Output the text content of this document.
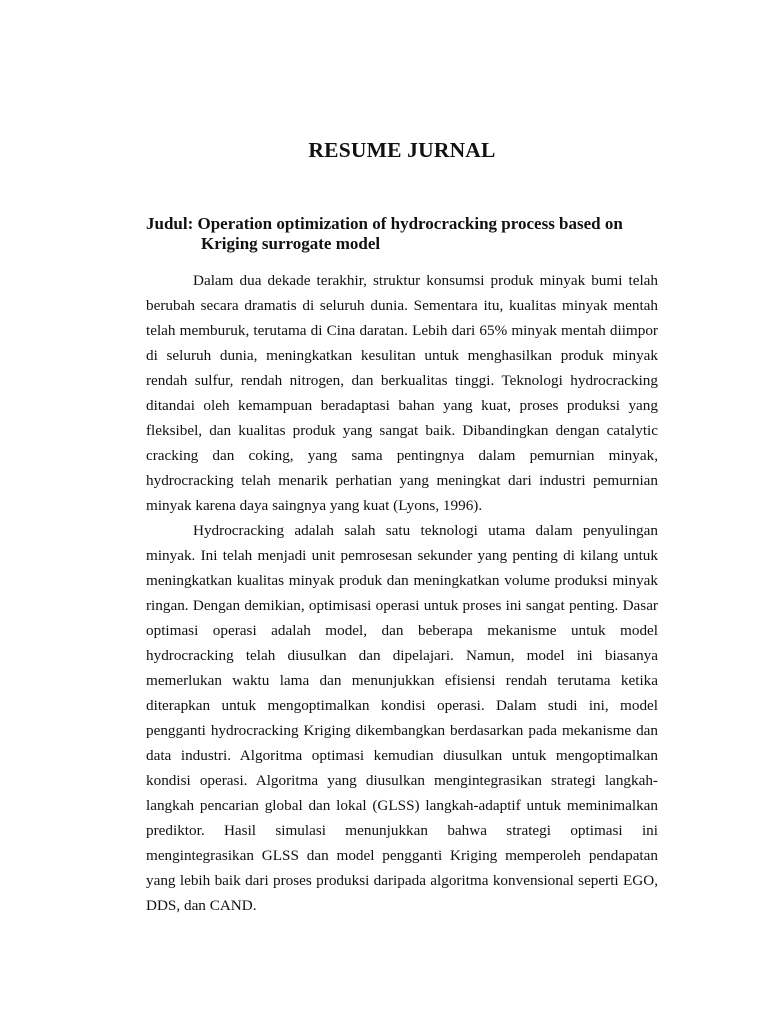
RESUME JURNAL
Judul: Operation optimization of hydrocracking process based on
Kriging surrogate model
Dalam dua dekade terakhir, struktur konsumsi produk minyak bumi telah
berubah secara dramatis di seluruh dunia. Sementara itu, kualitas minyak mentah
telah memburuk, terutama di Cina daratan. Lebih dari 65% minyak mentah diimpor
di seluruh dunia, meningkatkan kesulitan untuk menghasilkan produk minyak
rendah sulfur, rendah nitrogen, dan berkualitas tinggi. Teknologi hydrocracking
ditandai oleh kemampuan beradaptasi bahan yang kuat, proses produksi yang
fleksibel, dan kualitas produk yang sangat baik. Dibandingkan dengan catalytic
cracking dan coking, yang sama pentingnya dalam pemurnian minyak,
hydrocracking telah menarik perhatian yang meningkat dari industri pemurnian
minyak karena daya saingnya yang kuat (Lyons, 1996).
Hydrocracking adalah salah satu teknologi utama dalam penyulingan
minyak. Ini telah menjadi unit pemrosesan sekunder yang penting di kilang untuk
meningkatkan kualitas minyak produk dan meningkatkan volume produksi minyak
ringan. Dengan demikian, optimisasi operasi untuk proses ini sangat penting. Dasar
optimasi operasi adalah model, dan beberapa mekanisme untuk model
hydrocracking telah diusulkan dan dipelajari. Namun, model ini biasanya
memerlukan waktu lama dan menunjukkan efisiensi rendah terutama ketika
diterapkan untuk mengoptimalkan kondisi operasi. Dalam studi ini, model
pengganti hydrocracking Kriging dikembangkan berdasarkan pada mekanisme dan
data industri. Algoritma optimasi kemudian diusulkan untuk mengoptimalkan
kondisi operasi. Algoritma yang diusulkan mengintegrasikan strategi langkah-
langkah pencarian global dan lokal (GLSS) langkah-adaptif untuk meminimalkan
prediktor. Hasil simulasi menunjukkan bahwa strategi optimasi ini
mengintegrasikan GLSS dan model pengganti Kriging memperoleh pendapatan
yang lebih baik dari proses produksi daripada algoritma konvensional seperti EGO,
DDS, dan CAND.
